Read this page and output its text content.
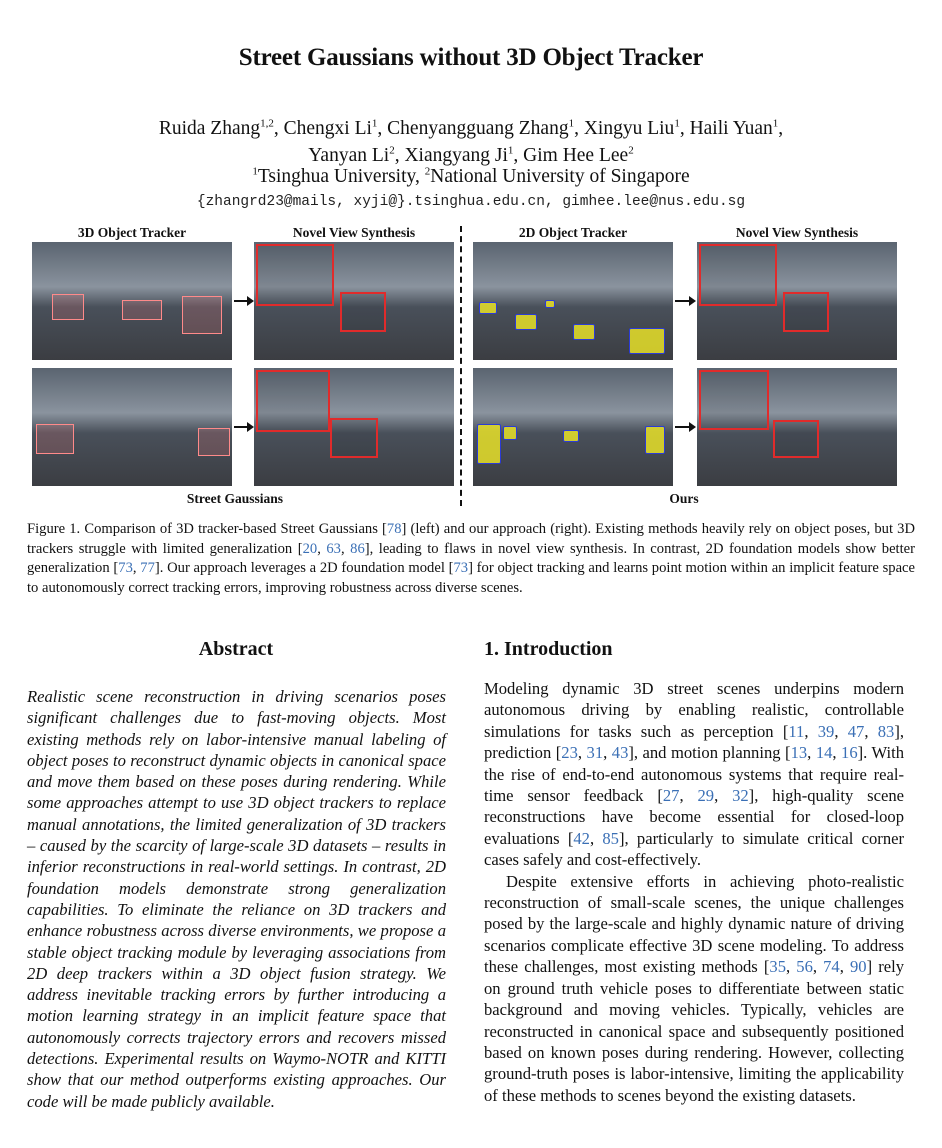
Street Gaussians without 3D Object Tracker
Ruida Zhang$^{1,2}$, Chengxi Li$^1$, Chenyangguang Zhang$^1$, Xingyu Liu$^1$, Haili Yuan$^1$,
Yanyan Li$^2$, Xiangyang Ji$^1$, Gim Hee Lee$^2$
$^1$Tsinghua University, $^2$National University of Singapore
{zhangrd23@mails, xyji@}.tsinghua.edu.cn, gimhee.lee@nus.edu.sg
3D Object Tracker	Novel View Synthesis	2D Object Tracker	Novel View Synthesis
Street Gaussians	Ours
Figure 1. Comparison of 3D tracker-based Street Gaussians [78] (left) and our approach (right). Existing methods heavily rely on object poses, but 3D trackers struggle with limited generalization [20, 63, 86], leading to flaws in novel view synthesis. In contrast, 2D foundation models show better generalization [73, 77]. Our approach leverages a 2D foundation model [73] for object tracking and learns point motion within an implicit feature space to autonomously correct tracking errors, improving robustness across diverse scenes.
Abstract
Realistic scene reconstruction in driving scenarios poses significant challenges due to fast-moving objects. Most existing methods rely on labor-intensive manual labeling of object poses to reconstruct dynamic objects in canonical space and move them based on these poses during rendering. While some approaches attempt to use 3D object trackers to replace manual annotations, the limited generalization of 3D trackers – caused by the scarcity of large-scale 3D datasets – results in inferior reconstructions in real-world settings. In contrast, 2D foundation models demonstrate strong generalization capabilities. To eliminate the reliance on 3D trackers and enhance robustness across diverse environments, we propose a stable object tracking module by leveraging associations from 2D deep trackers within a 3D object fusion strategy. We address inevitable tracking errors by further introducing a motion learning strategy in an implicit feature space that autonomously corrects trajectory errors and recovers missed detections. Experimental results on Waymo-NOTR and KITTI show that our method outperforms existing approaches. Our code will be made publicly available.
1. Introduction

Modeling dynamic 3D street scenes underpins modern autonomous driving by enabling realistic, controllable simulations for tasks such as perception [11, 39, 47, 83], prediction [23, 31, 43], and motion planning [13, 14, 16]. With the rise of end-to-end autonomous systems that require real-time sensor feedback [27, 29, 32], high-quality scene reconstructions have become essential for closed-loop evaluations [42, 85], particularly to simulate critical corner cases safely and cost-effectively.

Despite extensive efforts in achieving photo-realistic reconstruction of small-scale scenes, the unique challenges posed by the large-scale and highly dynamic nature of driving scenarios complicate effective 3D scene modeling. To address these challenges, most existing methods [35, 56, 74, 90] rely on ground truth vehicle poses to differentiate between static background and moving vehicles. Typically, vehicles are reconstructed in canonical space and subsequently positioned based on known poses during rendering. However, collecting ground-truth poses is labor-intensive, limiting the applicability of these methods to scenes beyond the existing datasets.
